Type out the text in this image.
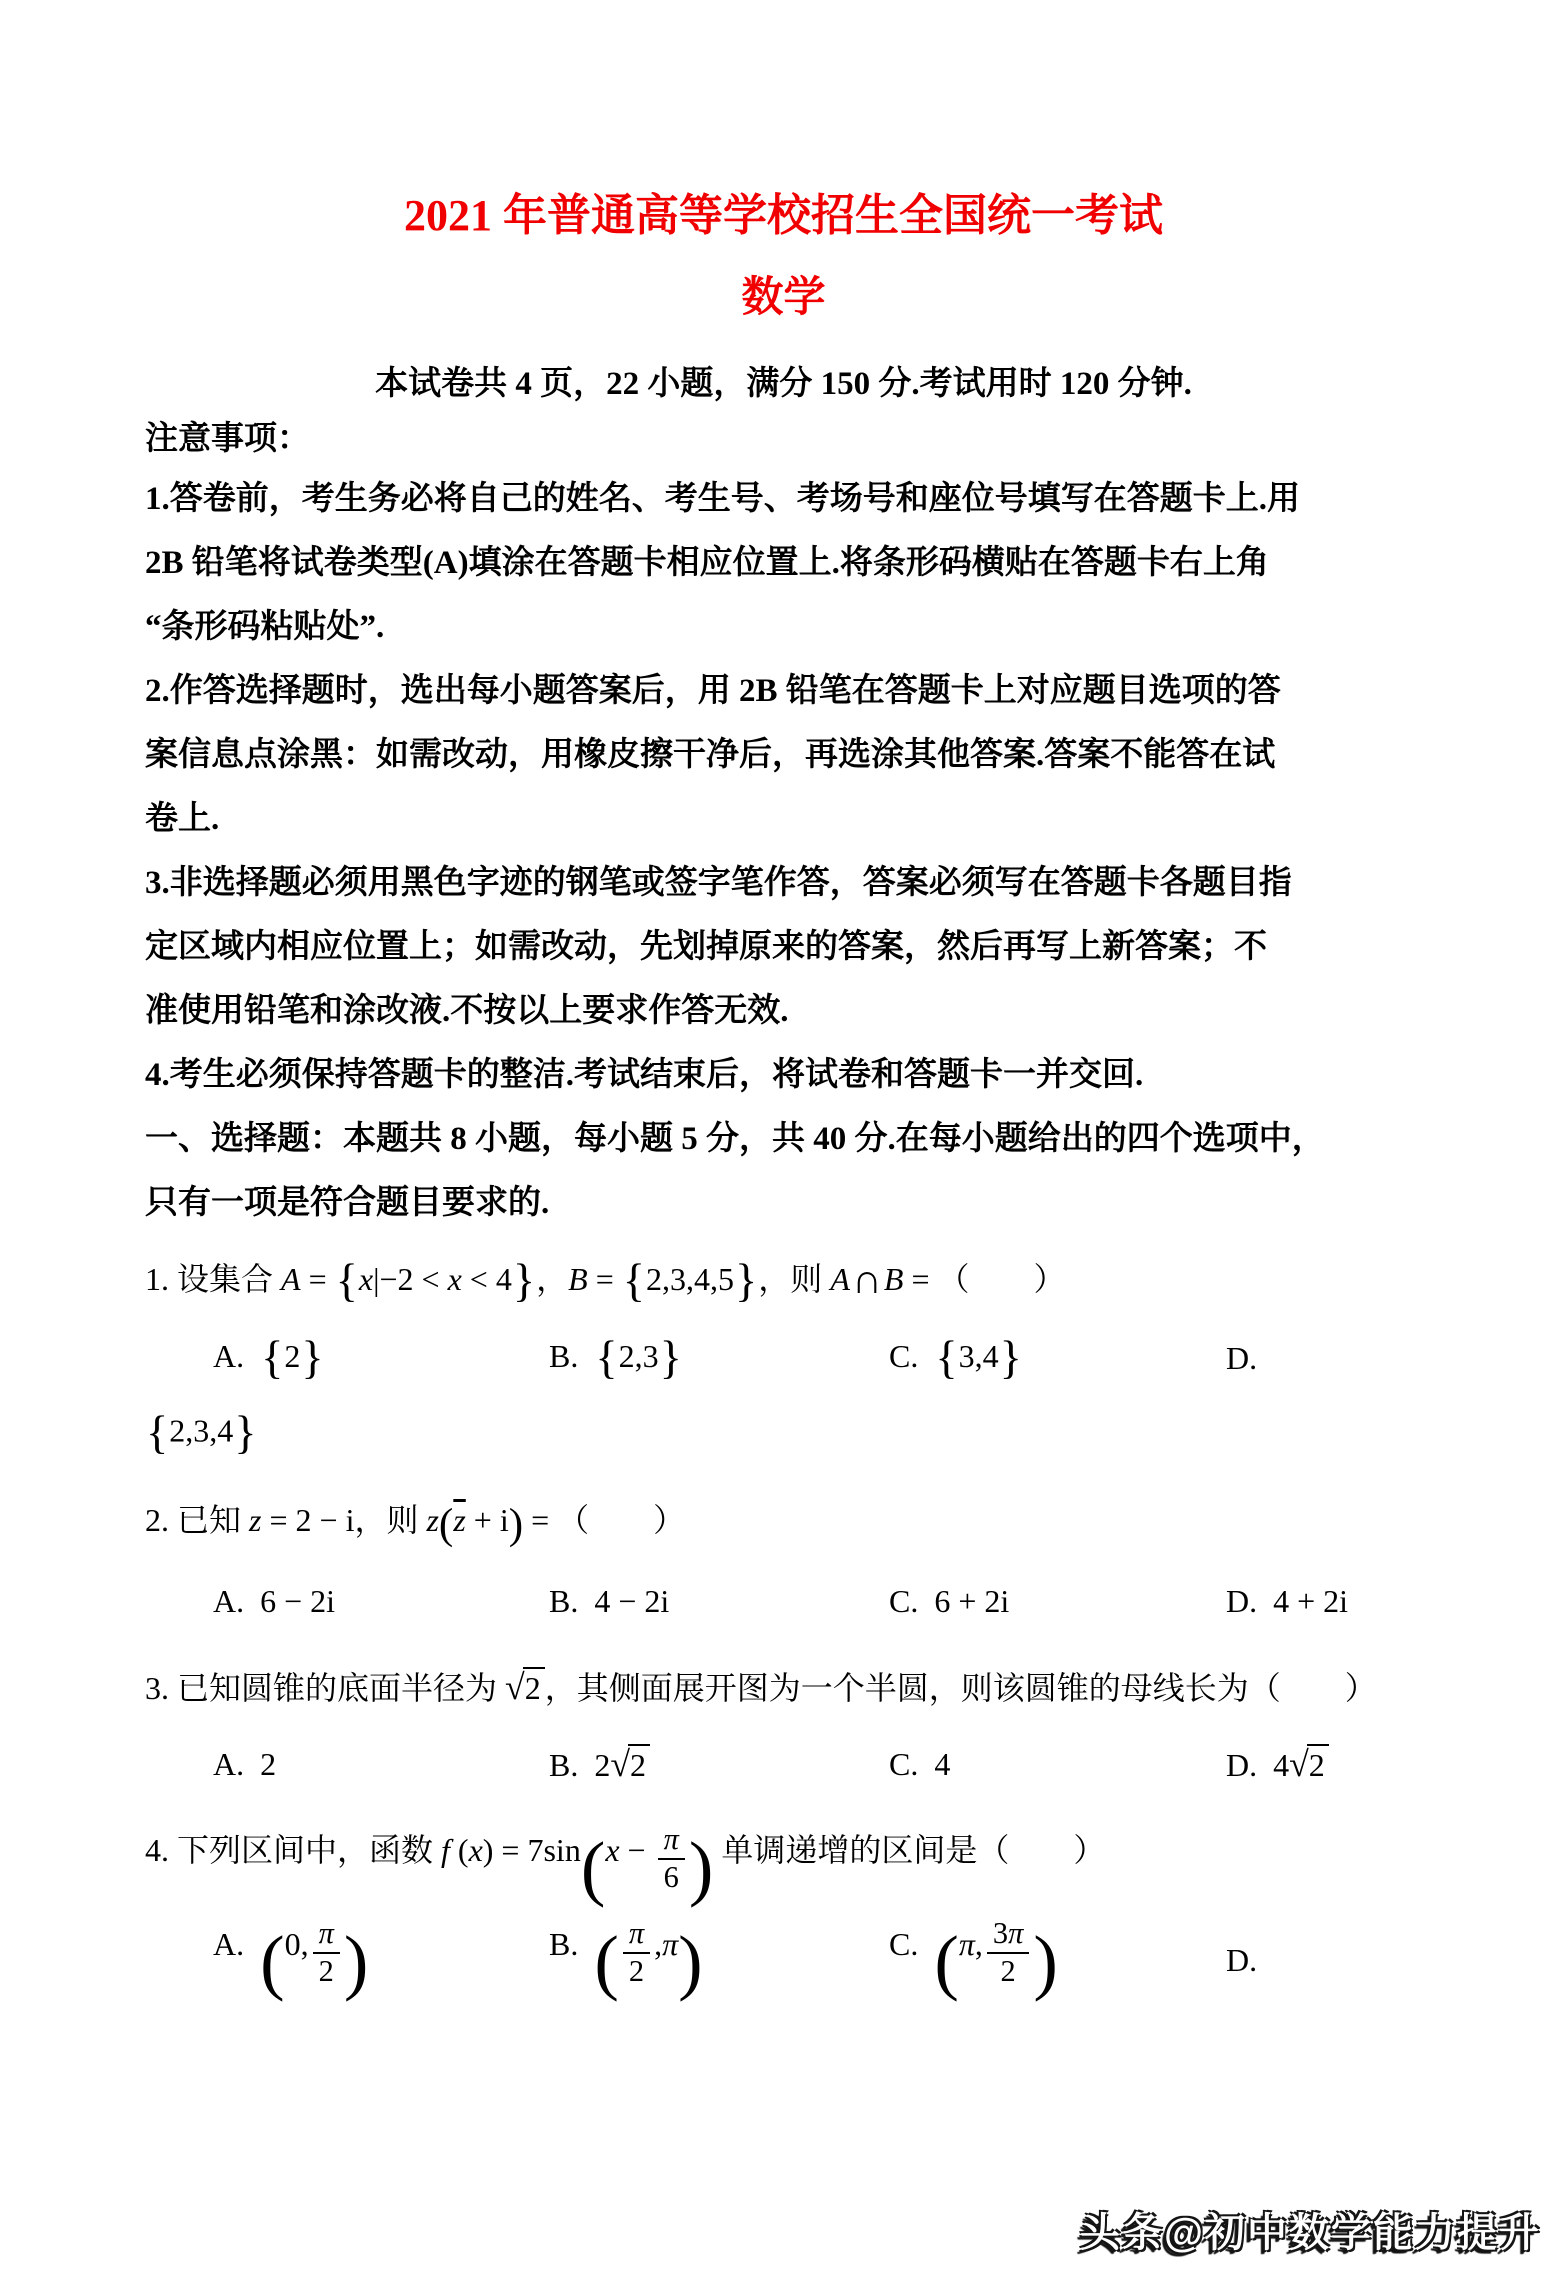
2021 年普通高等学校招生全国统一考试
数学
本试卷共 4 页，22 小题，满分 150 分.考试用时 120 分钟.
注意事项：
1.答卷前，考生务必将自己的姓名、考生号、考场号和座位号填写在答题卡上.用
2B 铅笔将试卷类型(A)填涂在答题卡相应位置上.将条形码横贴在答题卡右上角
“条形码粘贴处”.
2.作答选择题时，选出每小题答案后，用 2B 铅笔在答题卡上对应题目选项的答
案信息点涂黑：如需改动，用橡皮擦干净后，再选涂其他答案.答案不能答在试
卷上.
3.非选择题必须用黑色字迹的钢笔或签字笔作答，答案必须写在答题卡各题目指
定区域内相应位置上；如需改动，先划掉原来的答案，然后再写上新答案；不
准使用铅笔和涂改液.不按以上要求作答无效.
4.考生必须保持答题卡的整洁.考试结束后，将试卷和答题卡一并交回.
一、选择题：本题共 8 小题，每小题 5 分，共 40 分.在每小题给出的四个选项中，
只有一项是符合题目要求的.
1. 设集合 A = {x|−2 < x < 4}，B = {2,3,4,5}，则 A∩B = （　　）
A. {2}	B. {2,3}	C. {3,4}	D.
{2,3,4}
2. 已知 z = 2 − i，则 $z(\overline{z} + i)$ = （　　）
A. 6 − 2i	B. 4 − 2i	C. 6 + 2i	D. 4 + 2i
3. 已知圆锥的底面半径为 √2 ，其侧面展开图为一个半圆，则该圆锥的母线长为（　　）
A. 2	B. 2√2	C. 4	D. 4√2
4. 下列区间中，函数 f $(x) = 7\sin(x - \frac{\pi}{6}$ ) 单调递增的区间是（　　）
A. (0, $\frac{\pi}{2}$ )	B. ( $\frac{\pi}{2} ,\pi$)	C. (π, $\frac{3\pi}{2}$ )	D.
头条@初中数学能力提升
